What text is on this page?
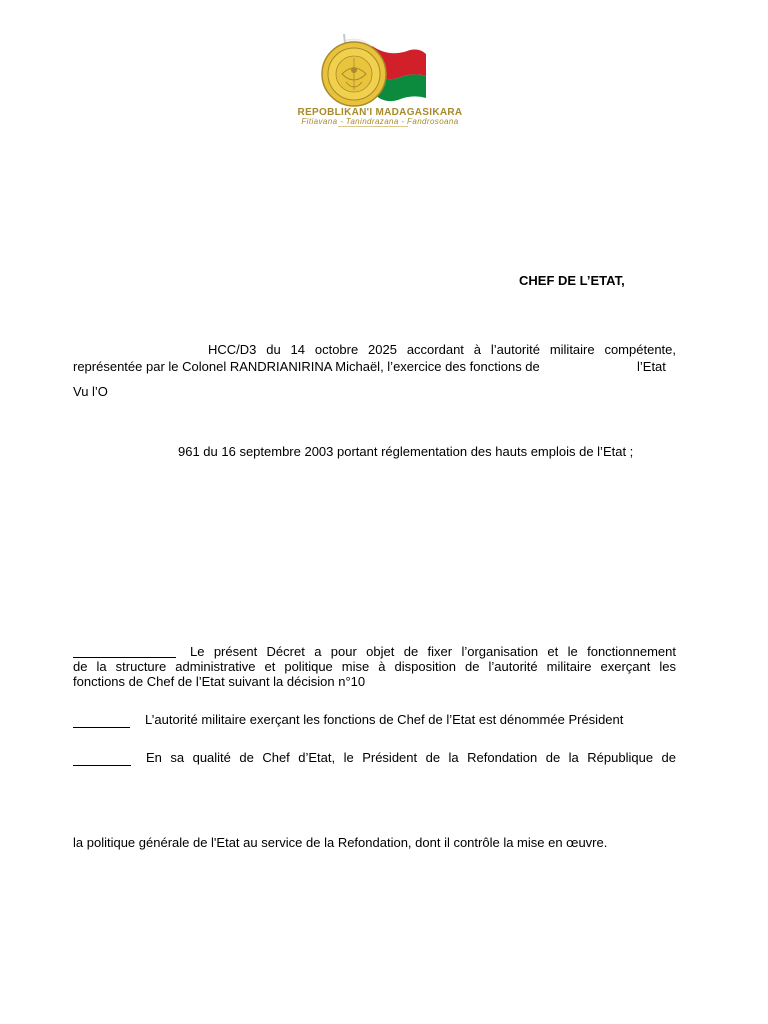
REPOBLIKAN'I MADAGASIKARA
Fitiavana - Tanindrazana - Fandrosoana
CHEF DE L’ETAT,
HCC/D3 du 14 octobre 2025 accordant à l’autorité militaire compétente,
représentée par le Colonel RANDRIANIRINA Michaël, l’exercice des fonctions de	l’Etat
Vu l’O
961 du 16 septembre 2003 portant réglementation des hauts emplois de l’Etat ;
Le présent Décret a pour objet de fixer l’organisation et le fonctionnement
de la structure administrative et politique mise à disposition de l’autorité militaire exerçant les
fonctions de Chef de l’Etat suivant la décision n°10
L’autorité militaire exerçant les fonctions de Chef de l’Etat est dénommée Président
En sa qualité de Chef d’Etat, le Président de la Refondation de la République de
la politique générale de l'Etat au service de la Refondation, dont il contrôle la mise en œuvre.
